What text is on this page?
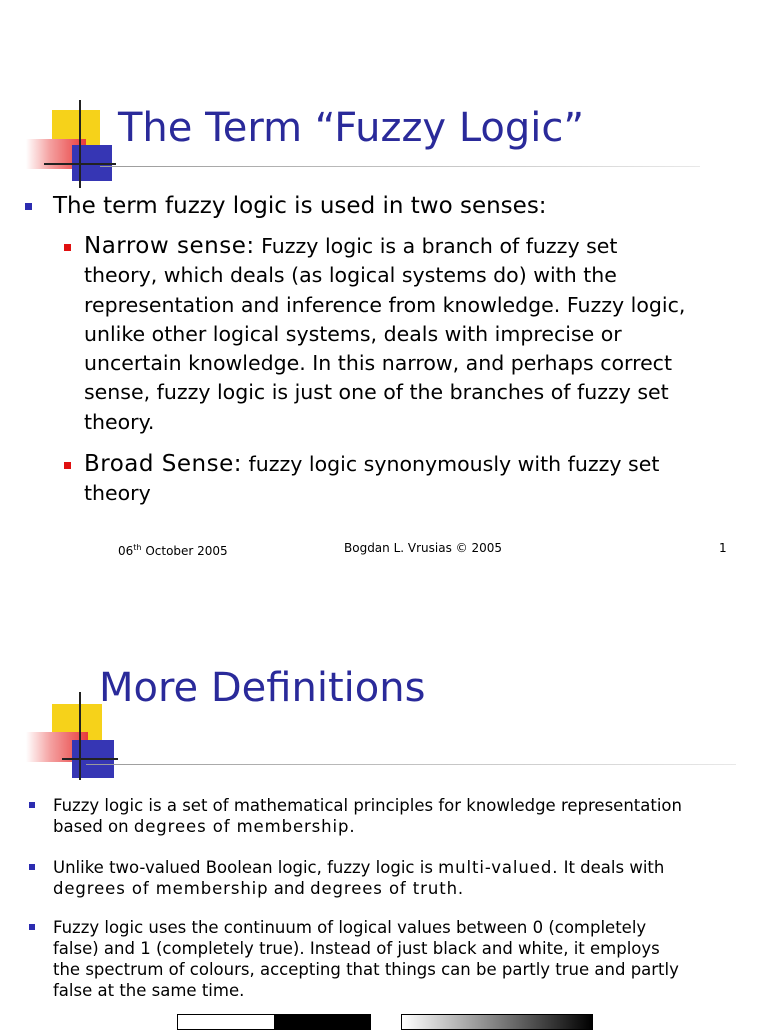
The Term “Fuzzy Logic”
The term fuzzy logic is used in two senses:
Narrow sense: Fuzzy logic is a branch of fuzzy set
theory, which deals (as logical systems do) with the
representation and inference from knowledge. Fuzzy logic,
unlike other logical systems, deals with imprecise or
uncertain knowledge. In this narrow, and perhaps correct
sense, fuzzy logic is just one of the branches of fuzzy set
theory.
Broad Sense: fuzzy logic synonymously with fuzzy set
theory
06th October 2005	Bogdan L. Vrusias © 2005	1
More Definitions
Fuzzy logic is a set of mathematical principles for knowledge representation
based on degrees of membership.
Unlike two-valued Boolean logic, fuzzy logic is multi-valued. It deals with
degrees of membership and degrees of truth.
Fuzzy logic uses the continuum of logical values between 0 (completely
false) and 1 (completely true). Instead of just black and white, it employs
the spectrum of colours, accepting that things can be partly true and partly
false at the same time.
